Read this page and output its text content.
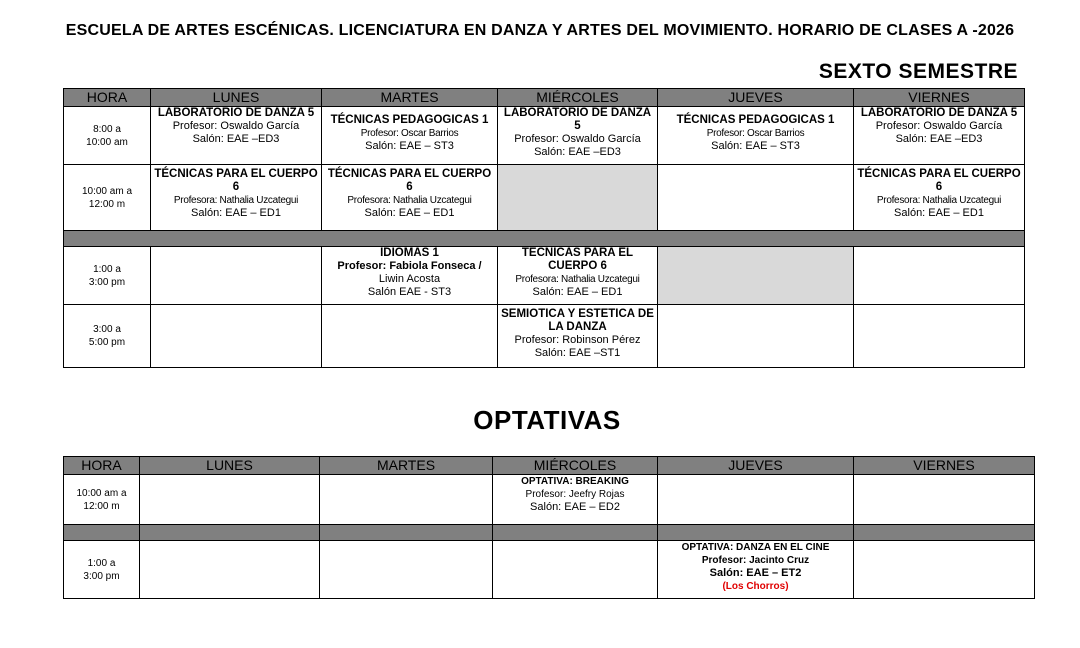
ESCUELA DE ARTES ESCÉNICAS. LICENCIATURA EN DANZA Y ARTES DEL MOVIMIENTO. HORARIO DE CLASES A -2026
SEXTO SEMESTRE
HORA	LUNES	MARTES	MIÉRCOLES	JUEVES	VIERNES

8:00 a
10:00 am	LABORATORIO DE DANZA 5
Profesor: Oswaldo García
Salón: EAE –ED3	TÉCNICAS PEDAGOGICAS 1
Profesor: Oscar Barrios
Salón: EAE – ST3	LABORATORIO DE DANZA 5
Profesor: Oswaldo García
Salón: EAE –ED3	TÉCNICAS PEDAGOGICAS 1
Profesor: Oscar Barrios
Salón: EAE – ST3	LABORATORIO DE DANZA 5
Profesor: Oswaldo García
Salón: EAE –ED3

10:00 am a
12:00 m	TÉCNICAS PARA EL CUERPO 6
Profesora: Nathalia Uzcategui
Salón: EAE – ED1	TÉCNICAS PARA EL CUERPO 6
Profesora: Nathalia Uzcategui
Salón: EAE – ED1			TÉCNICAS PARA EL CUERPO 6
Profesora: Nathalia Uzcategui
Salón: EAE – ED1

1:00 a
3:00 pm		IDIOMAS 1
Profesor: Fabiola Fonseca /
Liwin Acosta
Salón EAE - ST3	TÉCNICAS PARA EL CUERPO 6
Profesora: Nathalia Uzcategui
Salón: EAE – ED1		

3:00 a
5:00 pm			SEMIOTICA Y ESTETICA DE LA DANZA
Profesor: Robinson Pérez
Salón: EAE –ST1		

OPTATIVAS
HORA	LUNES	MARTES	MIÉRCOLES	JUEVES	VIERNES

10:00 am a
12:00 m			OPTATIVA: BREAKING
Profesor: Jeefry Rojas
Salón: EAE – ED2		

1:00 a
3:00 pm				OPTATIVA: DANZA EN EL CINE
Profesor: Jacinto Cruz
Salón: EAE – ET2
(Los Chorros)	
